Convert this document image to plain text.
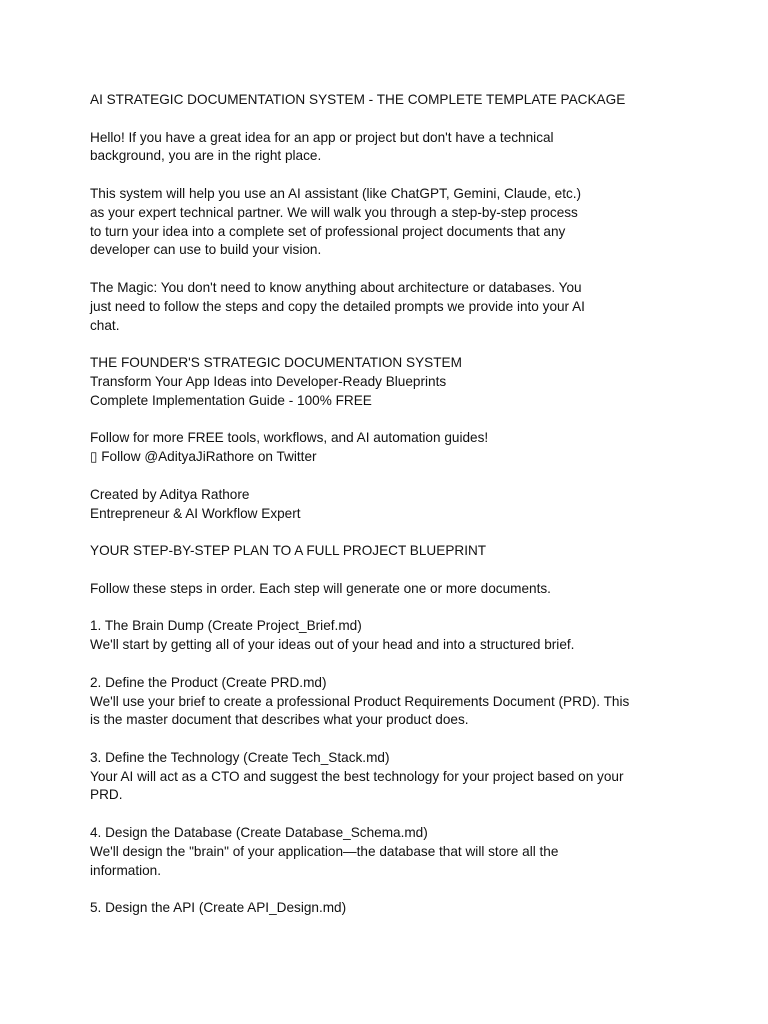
AI STRATEGIC DOCUMENTATION SYSTEM - THE COMPLETE TEMPLATE PACKAGE

Hello! If you have a great idea for an app or project but don't have a technical
background, you are in the right place.

This system will help you use an AI assistant (like ChatGPT, Gemini, Claude, etc.)
as your expert technical partner. We will walk you through a step-by-step process
to turn your idea into a complete set of professional project documents that any
developer can use to build your vision.

The Magic: You don't need to know anything about architecture or databases. You
just need to follow the steps and copy the detailed prompts we provide into your AI
chat.

THE FOUNDER'S STRATEGIC DOCUMENTATION SYSTEM
Transform Your App Ideas into Developer-Ready Blueprints
Complete Implementation Guide - 100% FREE

Follow for more FREE tools, workflows, and AI automation guides!
▯ Follow @AdityaJiRathore on Twitter

Created by Aditya Rathore
Entrepreneur & AI Workflow Expert

YOUR STEP-BY-STEP PLAN TO A FULL PROJECT BLUEPRINT

Follow these steps in order. Each step will generate one or more documents.

1. The Brain Dump (Create Project_Brief.md)
We'll start by getting all of your ideas out of your head and into a structured brief.

2. Define the Product (Create PRD.md)
We'll use your brief to create a professional Product Requirements Document (PRD). This
is the master document that describes what your product does.

3. Define the Technology (Create Tech_Stack.md)
Your AI will act as a CTO and suggest the best technology for your project based on your
PRD.

4. Design the Database (Create Database_Schema.md)
We'll design the "brain" of your application—the database that will store all the
information.

5. Design the API (Create API_Design.md)
